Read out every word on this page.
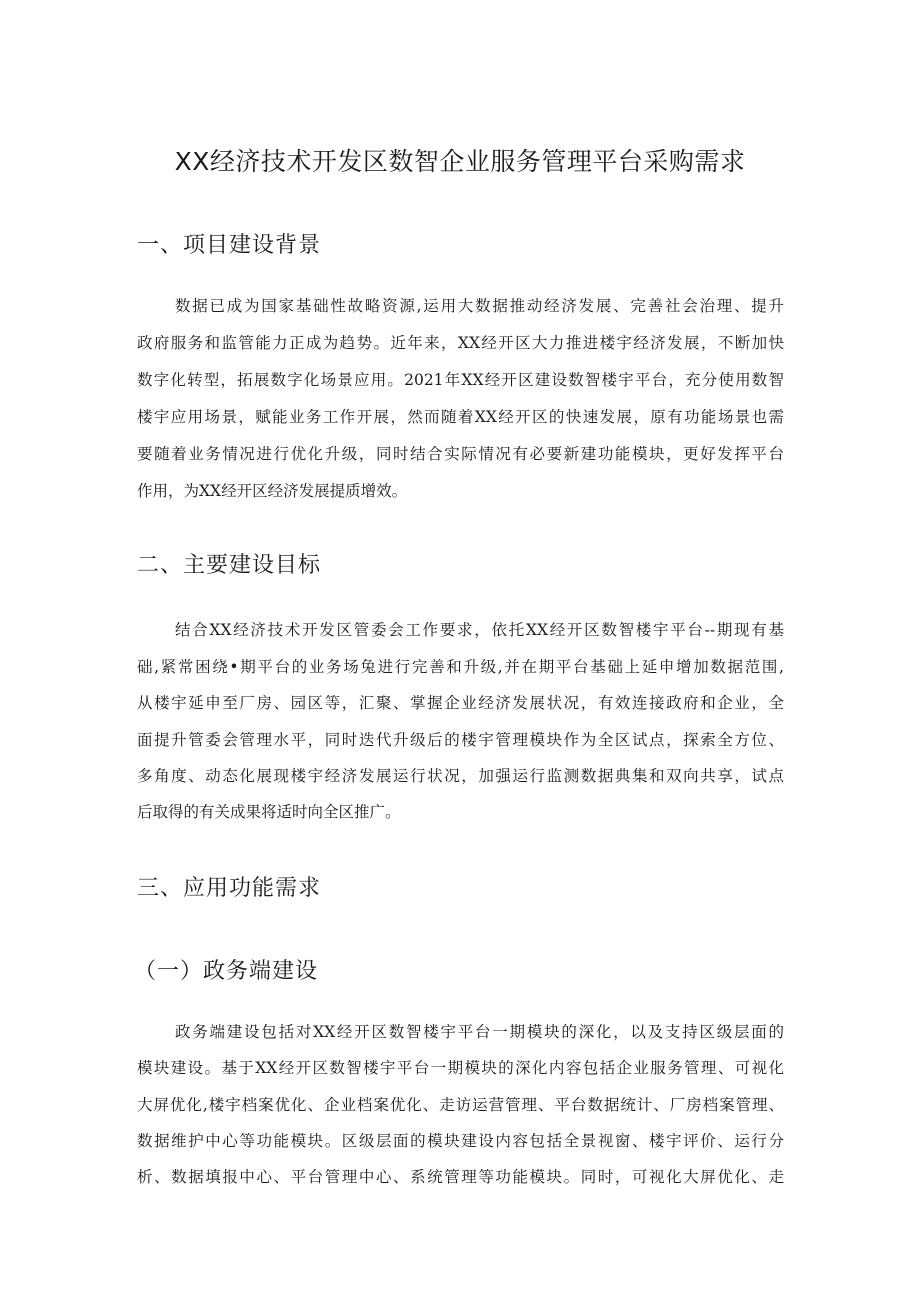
XX经济技术开发区数智企业服务管理平台采购需求
一、项目建设背景
数据已成为国家基础性故略资源,运用大数据推动经济发展、完善社会治理、提升
政府服务和监管能力正成为趋势。近年来，XX经开区大力推进楼宇经济发展，不断加快
数字化转型，拓展数字化场景应用。2021年XX经开区建设数智楼宇平台，充分使用数智
楼宇应用场景，赋能业务工作开展，然而随着XX经开区的快速发展，原有功能场景也需
要随着业务情况进行优化升级，同时结合实际情况有必要新建功能模块，更好发挥平台
作用，为XX经开区经济发展提质增效。
二、主要建设目标
结合XX经济技术开发区管委会工作要求，依托XX经开区数智楼宇平台--期现有基
础,紧常困绕•期平台的业务场兔进行完善和升级,并在期平台基础上延申增加数据范围,
从楼宇延申至厂房、园区等，汇聚、掌握企业经济发展状况，有效连接政府和企业，全
面提升管委会管理水平，同时迭代升级后的楼宇管理模块作为全区试点，探索全方位、
多角度、动态化展现楼宇经济发展运行状况，加强运行监测数据典集和双向共享，试点
后取得的有关成果将适时向全区推广。
三、应用功能需求
（一）政务端建设
政务端建设包括对XX经开区数智楼宇平台一期模块的深化，以及支持区级层面的
模块建设。基于XX经开区数智楼宇平台一期模块的深化内容包括企业服务管理、可视化
大屏优化,楼宇档案优化、企业档案优化、走访运营管理、平台数据统计、厂房档案管理、
数据维护中心等功能模块。区级层面的模块建设内容包括全景视窗、楼宇评价、运行分
析、数据填报中心、平台管理中心、系统管理等功能模块。同时，可视化大屏优化、走
